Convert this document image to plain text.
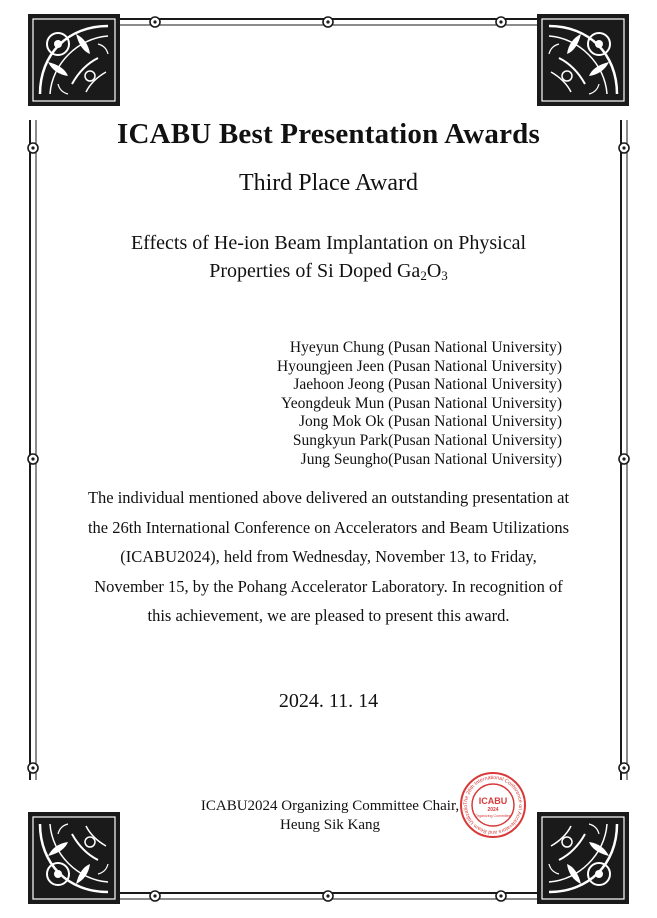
ICABU Best Presentation Awards
Third Place Award
Effects of He-ion Beam Implantation on Physical
Properties of Si Doped $Ga_2O_3$
Hyeyun Chung (Pusan National University)
Hyoungjeen Jeen (Pusan National University)
Jaehoon Jeong (Pusan National University)
Yeongdeuk Mun (Pusan National University)
Jong Mok Ok (Pusan National University)
Sungkyun Park(Pusan National University)
Jung Seungho(Pusan National University)
The individual mentioned above delivered an outstanding presentation at
the 26th International Conference on Accelerators and Beam Utilizations
(ICABU2024), held from Wednesday, November 13, to Friday,
November 15, by the Pohang Accelerator Laboratory. In recognition of
this achievement, we are pleased to present this award.
2024. 11. 14
ICABU2024 Organizing Committee Chair,
Heung Sik Kang
The 26th International Conference on Accelerators and Beam Utilizatio
ICABU
2024
Organizing Committee
